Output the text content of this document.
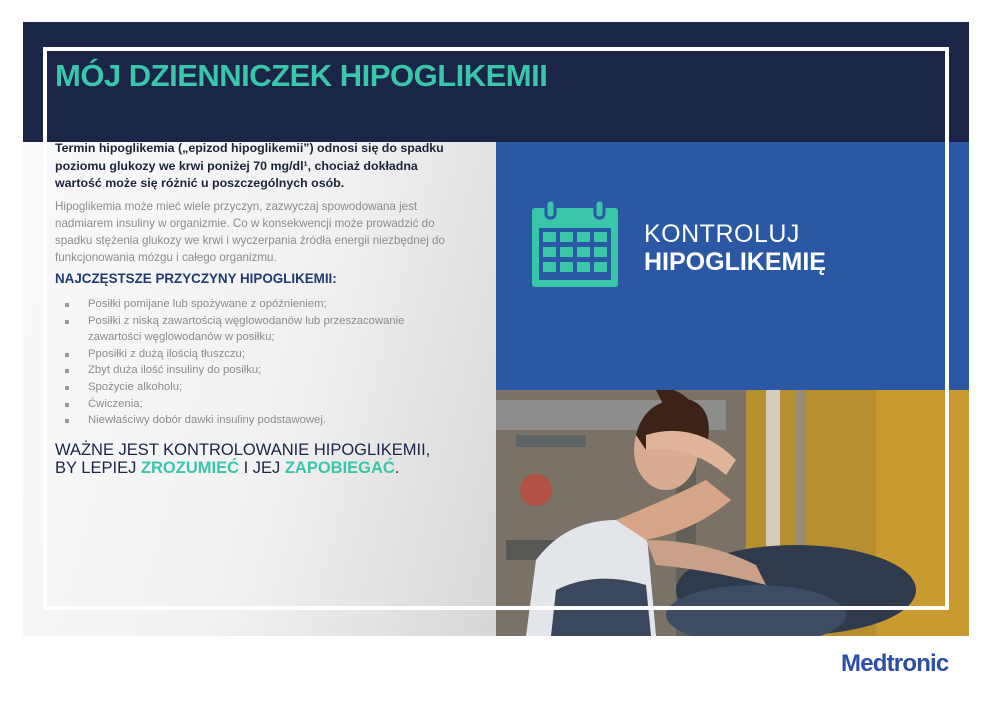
MÓJ DZIENNICZEK HIPOGLIKEMII

Termin hipoglikemia („epizod hipoglikemii”) odnosi się do spadku poziomu glukozy we krwi poniżej 70 mg/dl¹, chociaż dokładna wartość może się różnić u poszczególnych osób.

Hipoglikemia może mieć wiele przyczyn, zazwyczaj spowodowana jest nadmiarem insuliny w organizmie. Co w konsekwencji może prowadzić do spadku stężenia glukozy we krwi i wyczerpania źródła energii niezbędnej do funkcjonowania mózgu i całego organizmu.

NAJCZĘSTSZE PRZYCZYNY HIPOGLIKEMII:
Posiłki pomijane lub spożywane z opóźnieniem;
Posiłki z niską zawartością węglowodanów lub przeszacowanie zawartości węglowodanów w posiłku;
Pposiłki z dużą ilością tłuszczu;
Zbyt duża ilość insuliny do posiłku;
Spożycie alkoholu;
Ćwiczenia;
Niewłaściwy dobór dawki insuliny podstawowej.

WAŻNE JEST KONTROLOWANIE HIPOGLIKEMII, BY LEPIEJ ZROZUMIEĆ I JEJ ZAPOBIEGAĆ.

KONTROLUJ

HIPOGLIKEMIĘ

Medtronic
